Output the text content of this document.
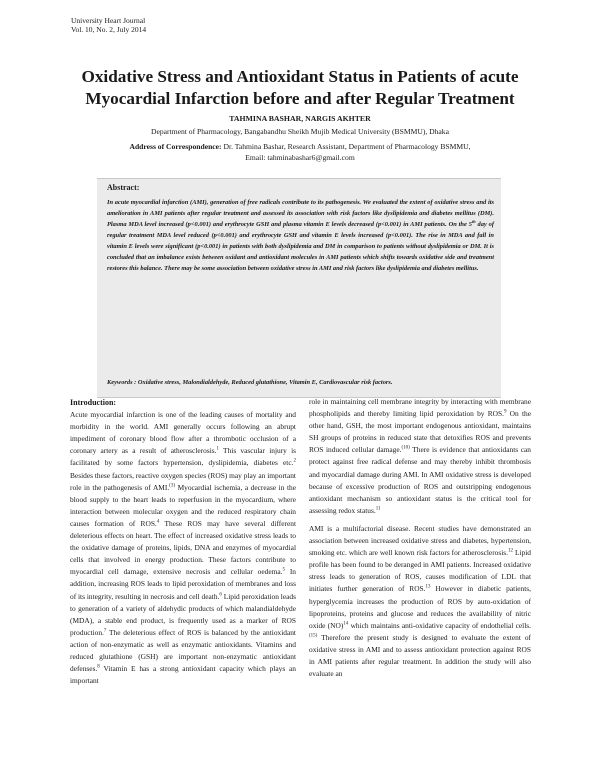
University Heart Journal
Vol. 10, No. 2, July 2014
Oxidative Stress and Antioxidant Status in Patients of acute
Myocardial Infarction before and after Regular Treatment
TAHMINA BASHAR, NARGIS AKHTER
Department of Pharmacology, Bangabandhu Sheikh Mujib Medical University (BSMMU), Dhaka
Address of Correspondence: Dr. Tahmina Bashar, Research Assistant, Department of Pharmacology BSMMU,
Email: tahminabashar6@gmail.com
Abstract:
In acute myocardial infarction (AMI), generation of free radicals contribute to its pathogenesis. We evaluated the extent of oxidative stress and its amelioration in AMI patients after regular treatment and assessed its association with risk factors like dyslipidemia and diabetes mellitus (DM). Plasma MDA level increased (p<0.001) and erythrocyte GSH and plasma vitamin E levels decreased (p<0.001) in AMI patients. On the 5th day of regular treatment MDA level reduced (p<0.001) and erythrocyte GSH and vitamin E levels increased (p<0.001). The rise in MDA and fall in vitamin E levels were significant (p<0.001) in patients with both dyslipidemia and DM in comparison to patients without dyslipidemia or DM. It is concluded that an imbalance exists between oxidant and antioxidant molecules in AMI patients which shifts towards oxidative side and treatment restores this balance. There may be some association between oxidative stress in AMI and risk factors like dyslipidemia and diabetes mellitus.
Keywords : Oxidative stress, Malondialdehyde, Reduced glutathione, Vitamin E, Cardiovascular risk factors.
Introduction:

Acute myocardial infarction is one of the leading causes of mortality and morbidity in the world. AMI generally occurs following an abrupt impediment of coronary blood flow after a thrombotic occlusion of a coronary artery as a result of atherosclerosis.$^1$ This vascular injury is facilitated by some factors hypertension, dyslipidemia, diabetes etc.$^2$ Besides these factors, reactive oxygen species (ROS) may play an important role in the pathogenesis of AMI.$^{(3)}$ Myocardial ischemia, a decrease in the blood supply to the heart leads to reperfusion in the myocardium, where interaction between molecular oxygen and the reduced respiratory chain causes formation of ROS.$^4$ These ROS may have several different deleterious effects on heart. The effect of increased oxidative stress leads to the oxidative damage of proteins, lipids, DNA and enzymes of myocardial cells that involved in energy production. These factors contribute to myocardial cell damage, extensive necrosis and cellular oedema.$^5$ In addition, increasing ROS leads to lipid peroxidation of membranes and loss of its integrity, resulting in necrosis and cell death.$^6$ Lipid peroxidation leads to generation of a variety of aldehydic products of which malandialdehyde (MDA), a stable end product, is frequently used as a marker of ROS production.$^7$ The deleterious effect of ROS is balanced by the antioxidant action of non-enzymatic as well as enzymatic antioxidants. Vitamins and reduced glutathione (GSH) are important non-enzymatic antioxidant defenses.$^8$ Vitamin E has a strong antioxidant capacity which plays an important

role in maintaining cell membrane integrity by interacting with membrane phospholipids and thereby limiting lipid peroxidation by ROS.$^9$ On the other hand, GSH, the most important endogenous antioxidant, maintains SH groups of proteins in reduced state that detoxifies ROS and prevents ROS induced cellular damage.$^{(10)}$ There is evidence that antioxidants can protect against free radical defense and may thereby inhibit thrombosis and myocardial damage during AMI. In AMI oxidative stress is developed because of excessive production of ROS and outstripping endogenous antioxidant mechanism so antioxidant status is the critical tool for assessing redox status.$^{11}$

AMI is a multifactorial disease. Recent studies have demonstrated an association between increased oxidative stress and diabetes, hypertension, smoking etc. which are well known risk factors for atherosclerosis.$^{12}$ Lipid profile has been found to be deranged in AMI patients. Increased oxidative stress leads to generation of ROS, causes modification of LDL that initiates further generation of ROS.$^{13}$ However in diabetic patients, hyperglycemia increases the production of ROS by auto-oxidation of lipoproteins, proteins and glucose and reduces the availability of nitric oxide (NO)$^{14}$ which maintains anti-oxidative capacity of endothelial cells.$^{(15)}$ Therefore the present study is designed to evaluate the extent of oxidative stress in AMI and to assess antioxidant protection against ROS in AMI patients after regular treatment. In addition the study will also evaluate an
